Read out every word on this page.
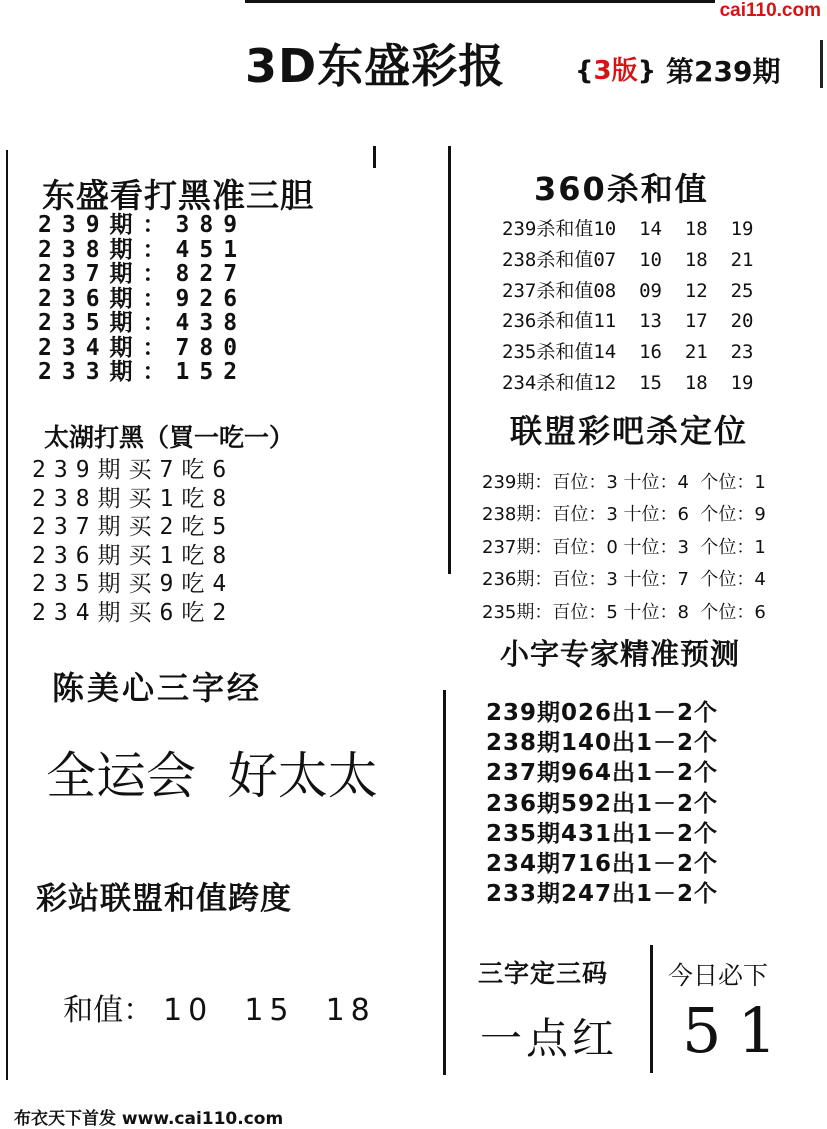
cai110.com
3D东盛彩报	{3版} 第239期
东盛看打黑准三胆
239期：389
238期：451
237期：827
236期：926
235期：438
234期：780
233期：152
太湖打黑（買一吃一）
239期买7吃6
238期买1吃8
237期买2吃5
236期买1吃8
235期买9吃4
234期买6吃2
陈美心三字经
全运会  好太太
彩站联盟和值跨度

和值： 10  15  18

360杀和值
239杀和值10  14  18  19
238杀和值07  10  18  21
237杀和值08  09  12  25
236杀和值11  13  17  20
235杀和值14  16  21  23
234杀和值12  15  18  19
联盟彩吧杀定位
239期：百位：3 十位：4  个位：1
238期：百位：3 十位：6  个位：9
237期：百位：0 十位：3  个位：1
236期：百位：3 十位：7  个位：4
235期：百位：5 十位：8  个位：6
小字专家精准预测
239期026出1－2个
238期140出1－2个
237期964出1－2个
236期592出1－2个
235期431出1－2个
234期716出1－2个
233期247出1－2个
三字定三码
一点红
今日必下
51
布衣天下首发 www.cai110.com
